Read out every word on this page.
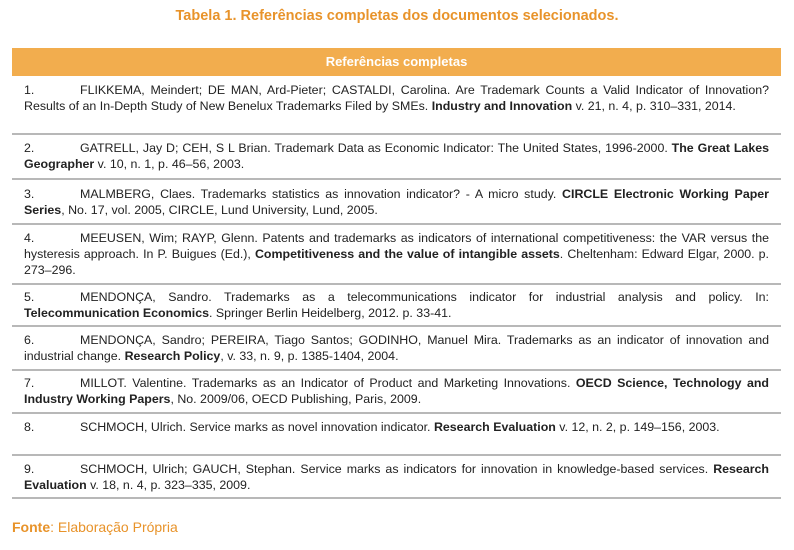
Tabela 1. Referências completas dos documentos selecionados.
Referências completas
1.	FLIKKEMA, Meindert; DE MAN, Ard-Pieter; CASTALDI, Carolina. Are Trademark Counts a Valid Indicator of Innovation? Results of an In-Depth Study of New Benelux Trademarks Filed by SMEs. Industry and Innovation v. 21, n. 4, p. 310–331, 2014.
2.	GATRELL, Jay D; CEH, S L Brian. Trademark Data as Economic Indicator: The United States, 1996-2000. The Great Lakes Geographer v. 10, n. 1, p. 46–56, 2003.
3.	MALMBERG, Claes. Trademarks statistics as innovation indicator? - A micro study. CIRCLE Electronic Working Paper Series, No. 17, vol. 2005, CIRCLE, Lund University, Lund, 2005.
4.	MEEUSEN, Wim; RAYP, Glenn. Patents and trademarks as indicators of international competitiveness: the VAR versus the hysteresis approach. In P. Buigues (Ed.), Competitiveness and the value of intangible assets. Cheltenham: Edward Elgar, 2000. p. 273–296.
5.	MENDONÇA, Sandro. Trademarks as a telecommunications indicator for industrial analysis and policy. In: Telecommunication Economics. Springer Berlin Heidelberg, 2012. p. 33-41.
6.	MENDONÇA, Sandro; PEREIRA, Tiago Santos; GODINHO, Manuel Mira. Trademarks as an indicator of innovation and industrial change. Research Policy, v. 33, n. 9, p. 1385-1404, 2004.
7.	MILLOT. Valentine. Trademarks as an Indicator of Product and Marketing Innovations. OECD Science, Technology and Industry Working Papers, No. 2009/06, OECD Publishing, Paris, 2009.
8.	SCHMOCH, Ulrich. Service marks as novel innovation indicator. Research Evaluation v. 12, n. 2, p. 149–156, 2003.
9.	SCHMOCH, Ulrich; GAUCH, Stephan. Service marks as indicators for innovation in knowledge-based services. Research Evaluation v. 18, n. 4, p. 323–335, 2009.
Fonte: Elaboração Própria
